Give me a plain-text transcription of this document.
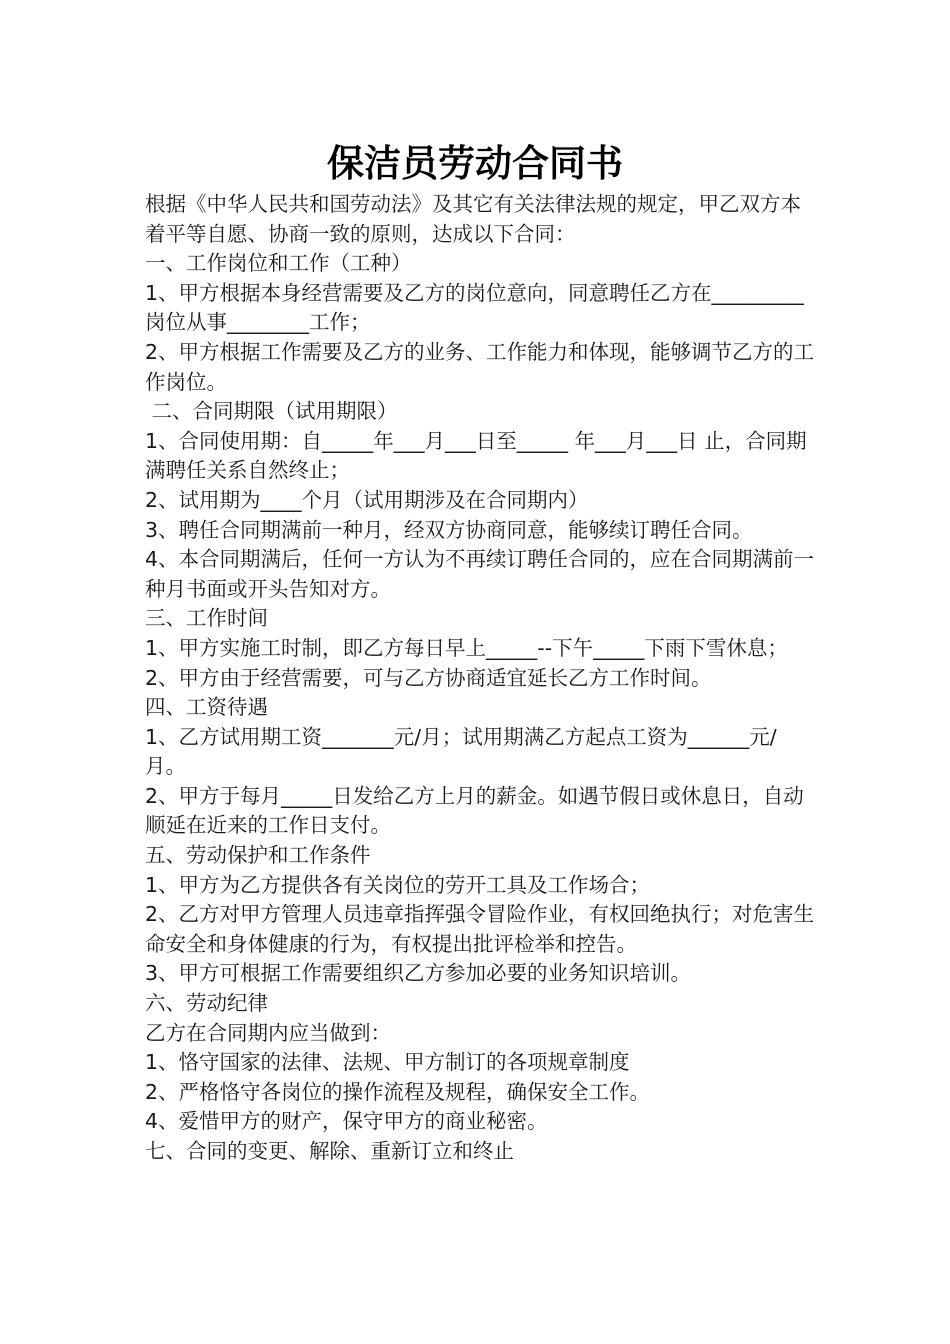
保洁员劳动合同书

根据《中华人民共和国劳动法》及其它有关法律法规的规定，甲乙双方本着平等自愿、协商一致的原则，达成以下合同：

一、工作岗位和工作（工种）

1、甲方根据本身经营需要及乙方的岗位意向，同意聘任乙方在_________岗位从事________工作；

2、甲方根据工作需要及乙方的业务、工作能力和体现，能够调节乙方的工作岗位。

二、合同期限（试用期限）

1、合同使用期：自_____年___月___日至_____ 年___月___日 止，合同期满聘任关系自然终止；

2、试用期为____个月（试用期涉及在合同期内）

3、聘任合同期满前一种月，经双方协商同意，能够续订聘任合同。

4、本合同期满后，任何一方认为不再续订聘任合同的，应在合同期满前一种月书面或开头告知对方。

三、工作时间

1、甲方实施工时制，即乙方每日早上_____--下午_____下雨下雪休息；

2、甲方由于经营需要，可与乙方协商适宜延长乙方工作时间。

四、工资待遇

1、乙方试用期工资_______元/月；试用期满乙方起点工资为______元/月。

2、甲方于每月_____日发给乙方上月的薪金。如遇节假日或休息日，自动顺延在近来的工作日支付。

五、劳动保护和工作条件

1、甲方为乙方提供各有关岗位的劳开工具及工作场合；

2、乙方对甲方管理人员违章指挥强令冒险作业，有权回绝执行；对危害生命安全和身体健康的行为，有权提出批评检举和控告。

3、甲方可根据工作需要组织乙方参加必要的业务知识培训。

六、劳动纪律

乙方在合同期内应当做到：

1、恪守国家的法律、法规、甲方制订的各项规章制度

2、严格恪守各岗位的操作流程及规程，确保安全工作。

4、爱惜甲方的财产，保守甲方的商业秘密。

七、合同的变更、解除、重新订立和终止
